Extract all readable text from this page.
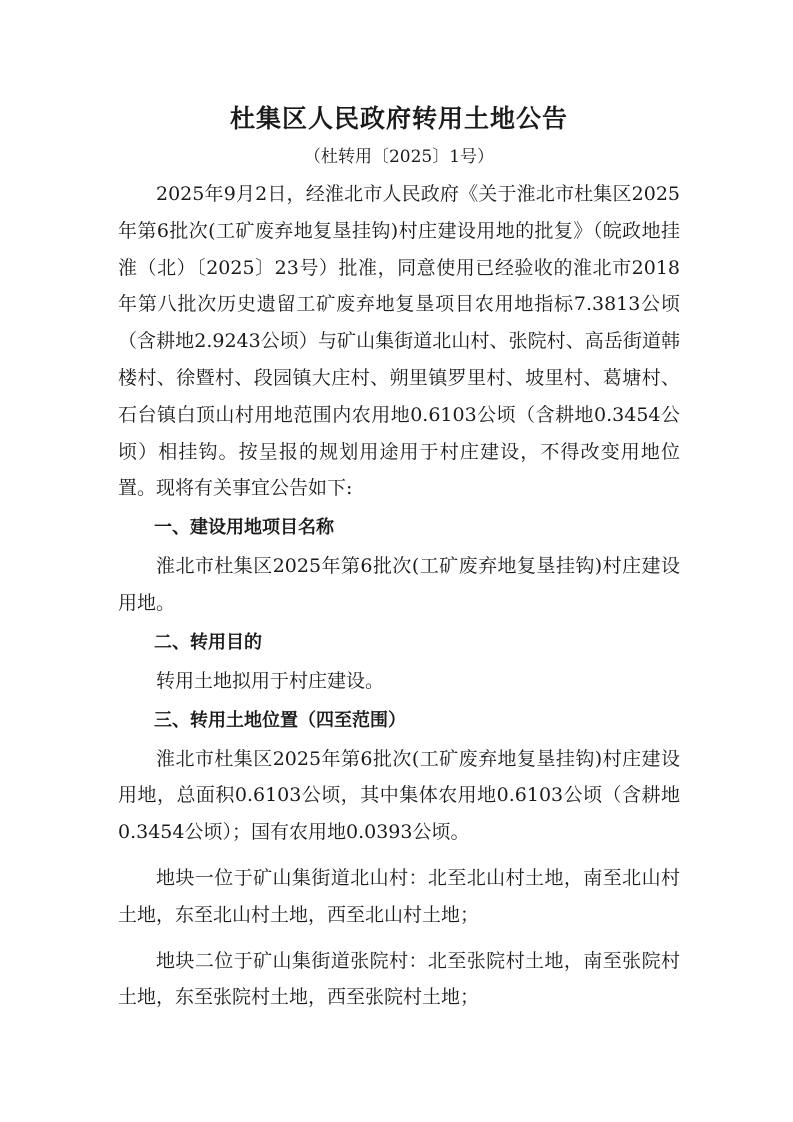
杜集区人民政府转用土地公告
（杜转用〔2025〕1号）

2025年9月2日，经淮北市人民政府《关于淮北市杜集区2025年第6批次(工矿废弃地复垦挂钩)村庄建设用地的批复》（皖政地挂淮（北）〔2025〕23号）批准，同意使用已经验收的淮北市2018年第八批次历史遗留工矿废弃地复垦项目农用地指标7.3813公顷（含耕地2.9243公顷）与矿山集街道北山村、张院村、高岳街道韩楼村、徐暨村、段园镇大庄村、朔里镇罗里村、坡里村、葛塘村、石台镇白顶山村用地范围内农用地0.6103公顷（含耕地0.3454公顷）相挂钩。按呈报的规划用途用于村庄建设，不得改变用地位置。现将有关事宜公告如下:

一、建设用地项目名称

淮北市杜集区2025年第6批次(工矿废弃地复垦挂钩)村庄建设用地。

二、转用目的

转用土地拟用于村庄建设。

三、转用土地位置（四至范围）

淮北市杜集区2025年第6批次(工矿废弃地复垦挂钩)村庄建设用地，总面积0.6103公顷，其中集体农用地0.6103公顷（含耕地0.3454公顷）；国有农用地0.0393公顷。

地块一位于矿山集街道北山村：北至北山村土地，南至北山村土地，东至北山村土地，西至北山村土地；

地块二位于矿山集街道张院村：北至张院村土地，南至张院村土地，东至张院村土地，西至张院村土地；
